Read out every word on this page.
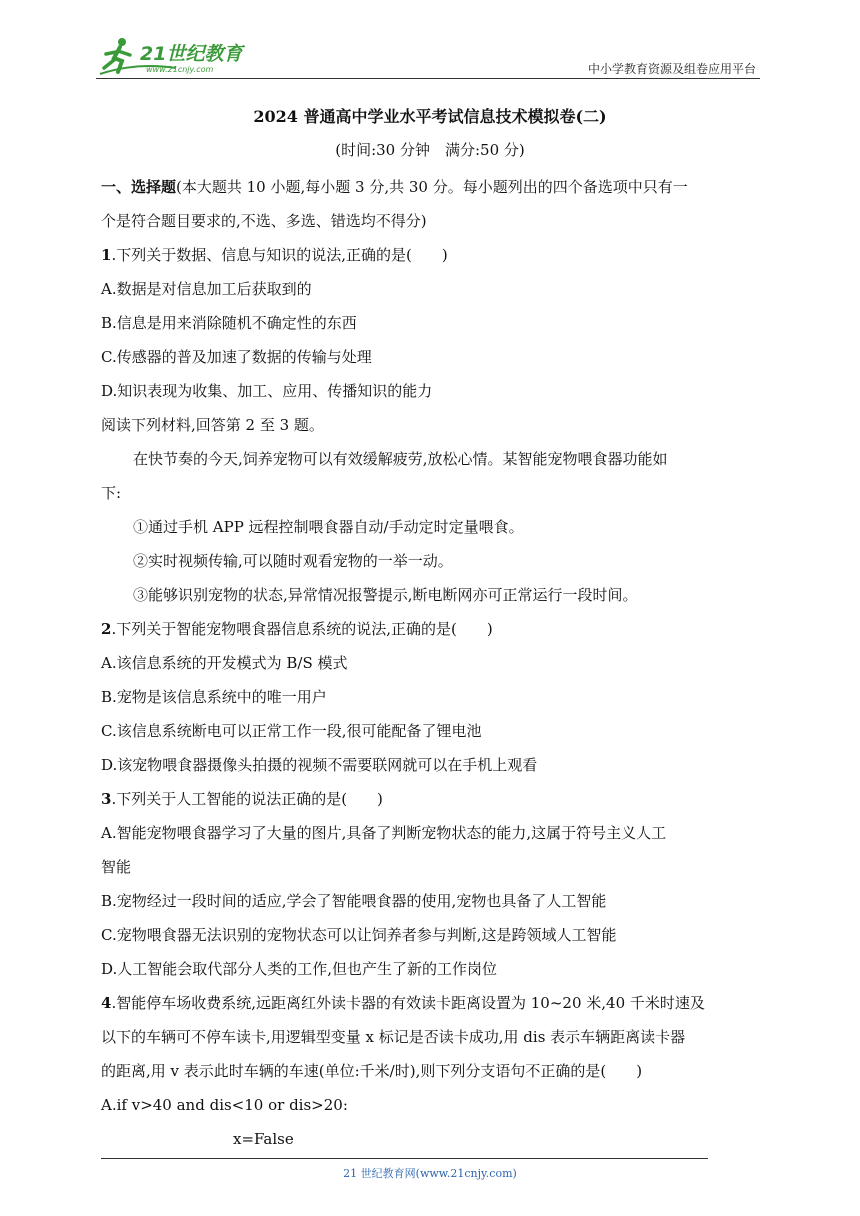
21世纪教育
www.21cnjy.com	中小学教育资源及组卷应用平台
2024 普通高中学业水平考试信息技术模拟卷(二)
(时间:30 分钟　满分:50 分)
一、选择题(本大题共 10 小题,每小题 3 分,共 30 分。每小题列出的四个备选项中只有一
个是符合题目要求的,不选、多选、错选均不得分)
1.下列关于数据、信息与知识的说法,正确的是(　　)
A.数据是对信息加工后获取到的
B.信息是用来消除随机不确定性的东西
C.传感器的普及加速了数据的传输与处理
D.知识表现为收集、加工、应用、传播知识的能力
阅读下列材料,回答第 2 至 3 题。
在快节奏的今天,饲养宠物可以有效缓解疲劳,放松心情。某智能宠物喂食器功能如
下:
①通过手机 APP 远程控制喂食器自动/手动定时定量喂食。
②实时视频传输,可以随时观看宠物的一举一动。
③能够识别宠物的状态,异常情况报警提示,断电断网亦可正常运行一段时间。
2.下列关于智能宠物喂食器信息系统的说法,正确的是(　　)
A.该信息系统的开发模式为 B/S 模式
B.宠物是该信息系统中的唯一用户
C.该信息系统断电可以正常工作一段,很可能配备了锂电池
D.该宠物喂食器摄像头拍摄的视频不需要联网就可以在手机上观看
3.下列关于人工智能的说法正确的是(　　)
A.智能宠物喂食器学习了大量的图片,具备了判断宠物状态的能力,这属于符号主义人工
智能
B.宠物经过一段时间的适应,学会了智能喂食器的使用,宠物也具备了人工智能
C.宠物喂食器无法识别的宠物状态可以让饲养者参与判断,这是跨领域人工智能
D.人工智能会取代部分人类的工作,但也产生了新的工作岗位
4.智能停车场收费系统,远距离红外读卡器的有效读卡距离设置为 10~20 米,40 千米时速及
以下的车辆可不停车读卡,用逻辑型变量 x 标记是否读卡成功,用 dis 表示车辆距离读卡器
的距离,用 v 表示此时车辆的车速(单位:千米/时),则下列分支语句不正确的是(　　)
A.if v>40 and dis<10 or dis>20:
x=False
21 世纪教育网(www.21cnjy.com)
